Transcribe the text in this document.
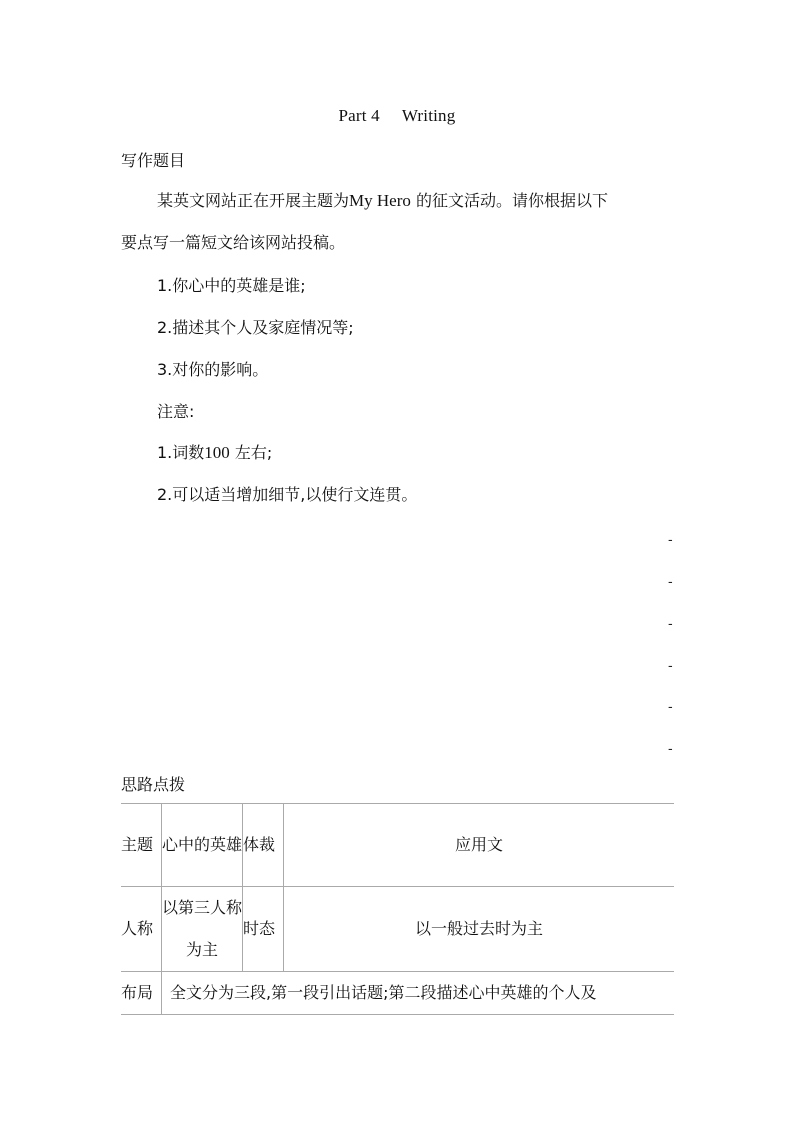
Part 4 Writing
写作题目
某英文网站正在开展主题为My Hero 的征文活动。请你根据以下
要点写一篇短文给该网站投稿。
1.你心中的英雄是谁;
2.描述其个人及家庭情况等;
3.对你的影响。
注意:
1.词数100 左右;
2.可以适当增加细节,以使行文连贯。
-
-
-
-
-
-
思路点拨
主题	心中的英雄	体裁	应用文
人称	以第三人称为主	时态	以一般过去时为主
布局	全文分为三段,第一段引出话题;第二段描述心中英雄的个人及		
